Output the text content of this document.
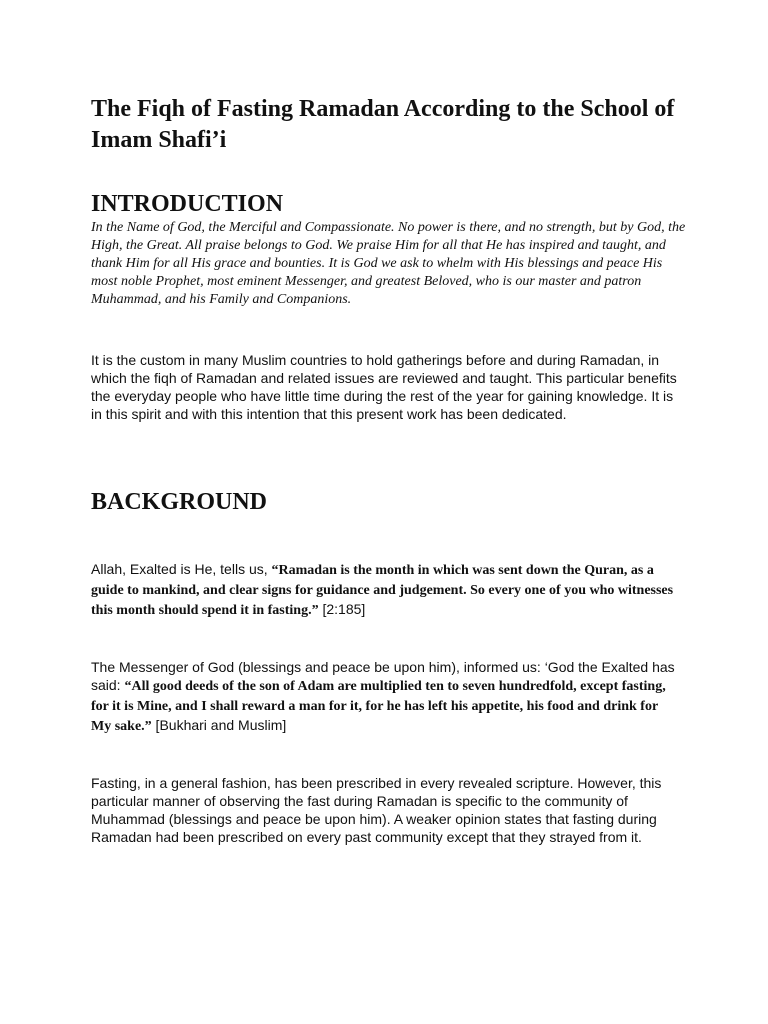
The Fiqh of Fasting Ramadan According to the School of Imam Shafi’i
INTRODUCTION

In the Name of God, the Merciful and Compassionate. No power is there, and no strength, but by God, the High, the Great. All praise belongs to God. We praise Him for all that He has inspired and taught, and thank Him for all His grace and bounties. It is God we ask to whelm with His blessings and peace His most noble Prophet, most eminent Messenger, and greatest Beloved, who is our master and patron Muhammad, and his Family and Companions.

It is the custom in many Muslim countries to hold gatherings before and during Ramadan, in which the fiqh of Ramadan and related issues are reviewed and taught. This particular benefits the everyday people who have little time during the rest of the year for gaining knowledge. It is in this spirit and with this intention that this present work has been dedicated.

BACKGROUND

Allah, Exalted is He, tells us, “Ramadan is the month in which was sent down the Quran, as a guide to mankind, and clear signs for guidance and judgement. So every one of you who witnesses this month should spend it in fasting.” [2:185]

The Messenger of God (blessings and peace be upon him), informed us: ‘God the Exalted has said: “All good deeds of the son of Adam are multiplied ten to seven hundredfold, except fasting, for it is Mine, and I shall reward a man for it, for he has left his appetite, his food and drink for My sake.” [Bukhari and Muslim]

Fasting, in a general fashion, has been prescribed in every revealed scripture. However, this particular manner of observing the fast during Ramadan is specific to the community of Muhammad (blessings and peace be upon him). A weaker opinion states that fasting during Ramadan had been prescribed on every past community except that they strayed from it.
